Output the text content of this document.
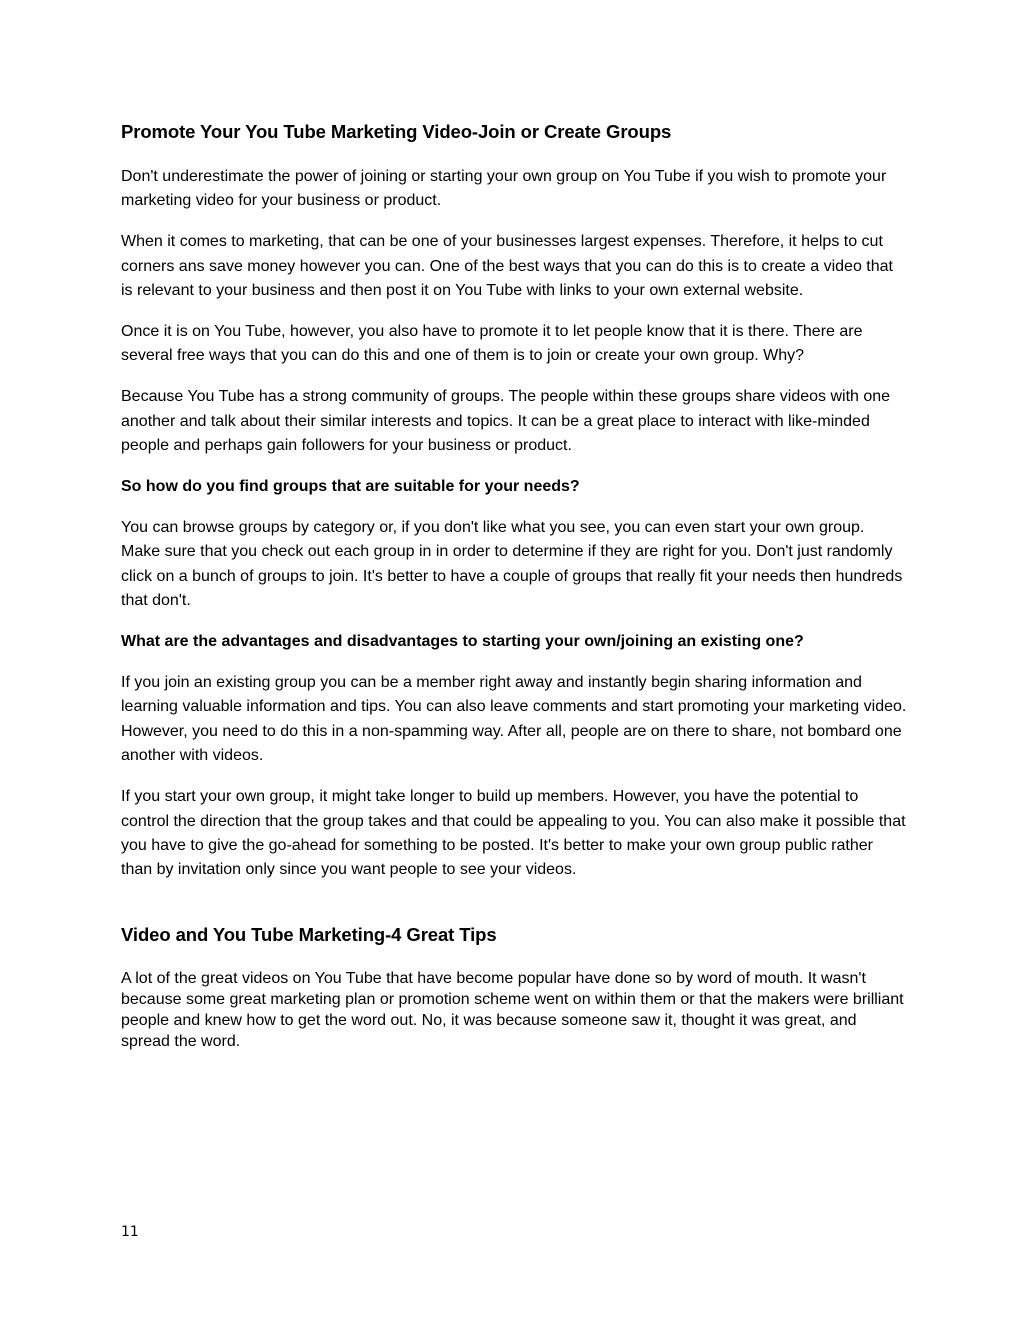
Promote Your You Tube Marketing Video-Join or Create Groups

Don't underestimate the power of joining or starting your own group on You Tube if you wish to promote your marketing video for your business or product.

When it comes to marketing, that can be one of your businesses largest expenses. Therefore, it helps to cut corners ans save money however you can. One of the best ways that you can do this is to create a video that is relevant to your business and then post it on You Tube with links to your own external website.

Once it is on You Tube, however, you also have to promote it to let people know that it is there. There are several free ways that you can do this and one of them is to join or create your own group. Why?

Because You Tube has a strong community of groups. The people within these groups share videos with one another and talk about their similar interests and topics. It can be a great place to interact with like-minded people and perhaps gain followers for your business or product.

So how do you find groups that are suitable for your needs?

You can browse groups by category or, if you don't like what you see, you can even start your own group. Make sure that you check out each group in in order to determine if they are right for you. Don't just randomly click on a bunch of groups to join. It's better to have a couple of groups that really fit your needs then hundreds that don't.

What are the advantages and disadvantages to starting your own/joining an existing one?

If you join an existing group you can be a member right away and instantly begin sharing information and learning valuable information and tips. You can also leave comments and start promoting your marketing video. However, you need to do this in a non-spamming way. After all, people are on there to share, not bombard one another with videos.

If you start your own group, it might take longer to build up members. However, you have the potential to control the direction that the group takes and that could be appealing to you. You can also make it possible that you have to give the go-ahead for something to be posted. It's better to make your own group public rather than by invitation only since you want people to see your videos.

Video and You Tube Marketing-4 Great Tips

A lot of the great videos on You Tube that have become popular have done so by word of mouth. It wasn't because some great marketing plan or promotion scheme went on within them or that the makers were brilliant people and knew how to get the word out. No, it was because someone saw it, thought it was great, and spread the word.

11
